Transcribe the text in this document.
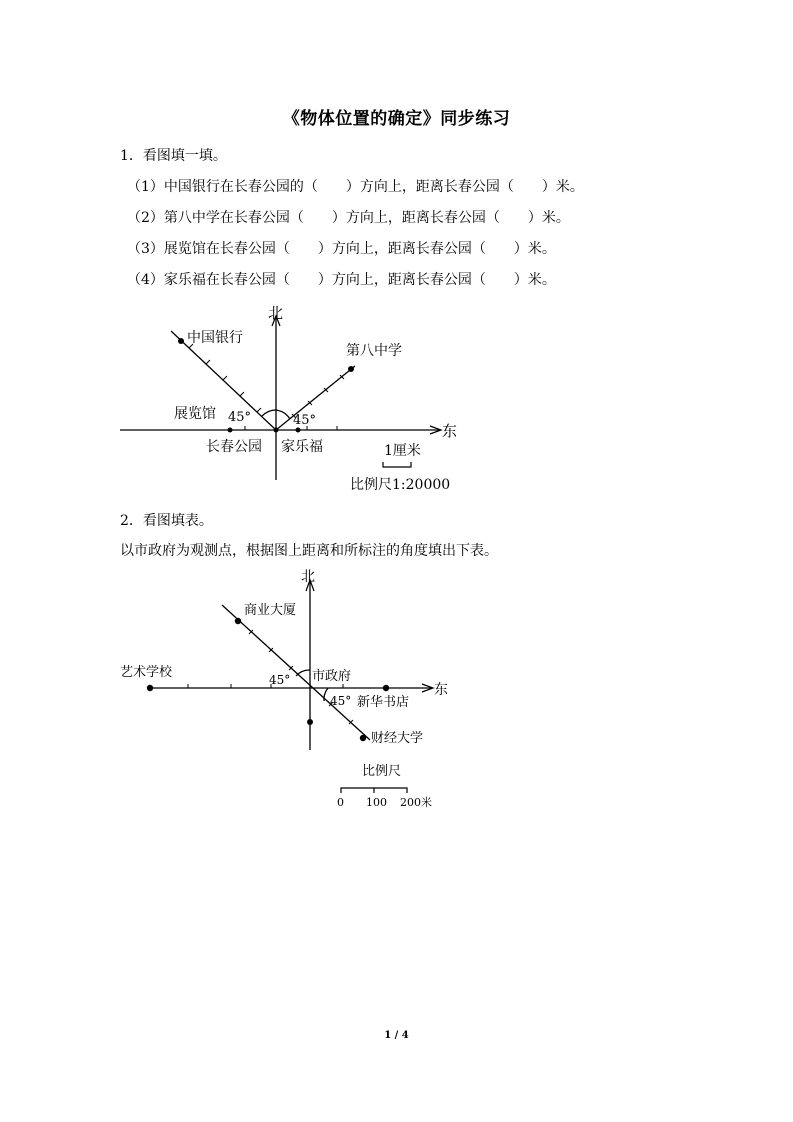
《物体位置的确定》同步练习
1．看图填一填。
（1）中国银行在长春公园的（　　）方向上，距离长春公园（　　）米。
（2）第八中学在长春公园（　　）方向上，距离长春公园（　　）米。
（3）展览馆在长春公园（　　）方向上，距离长春公园（　　）米。
（4）家乐福在长春公园（　　）方向上，距离长春公园（　　）米。
北
东
中国银行
第八中学
展览馆 45°	45°
长春公园 家乐福	1厘米
比例尺1:20000
2．看图填表。
以市政府为观测点，根据图上距离和所标注的角度填出下表。
北
东
商业大厦
艺术学校	市政府
45°
45° 新华书店
财经大学
比例尺
0 100 200米
1 / 4
